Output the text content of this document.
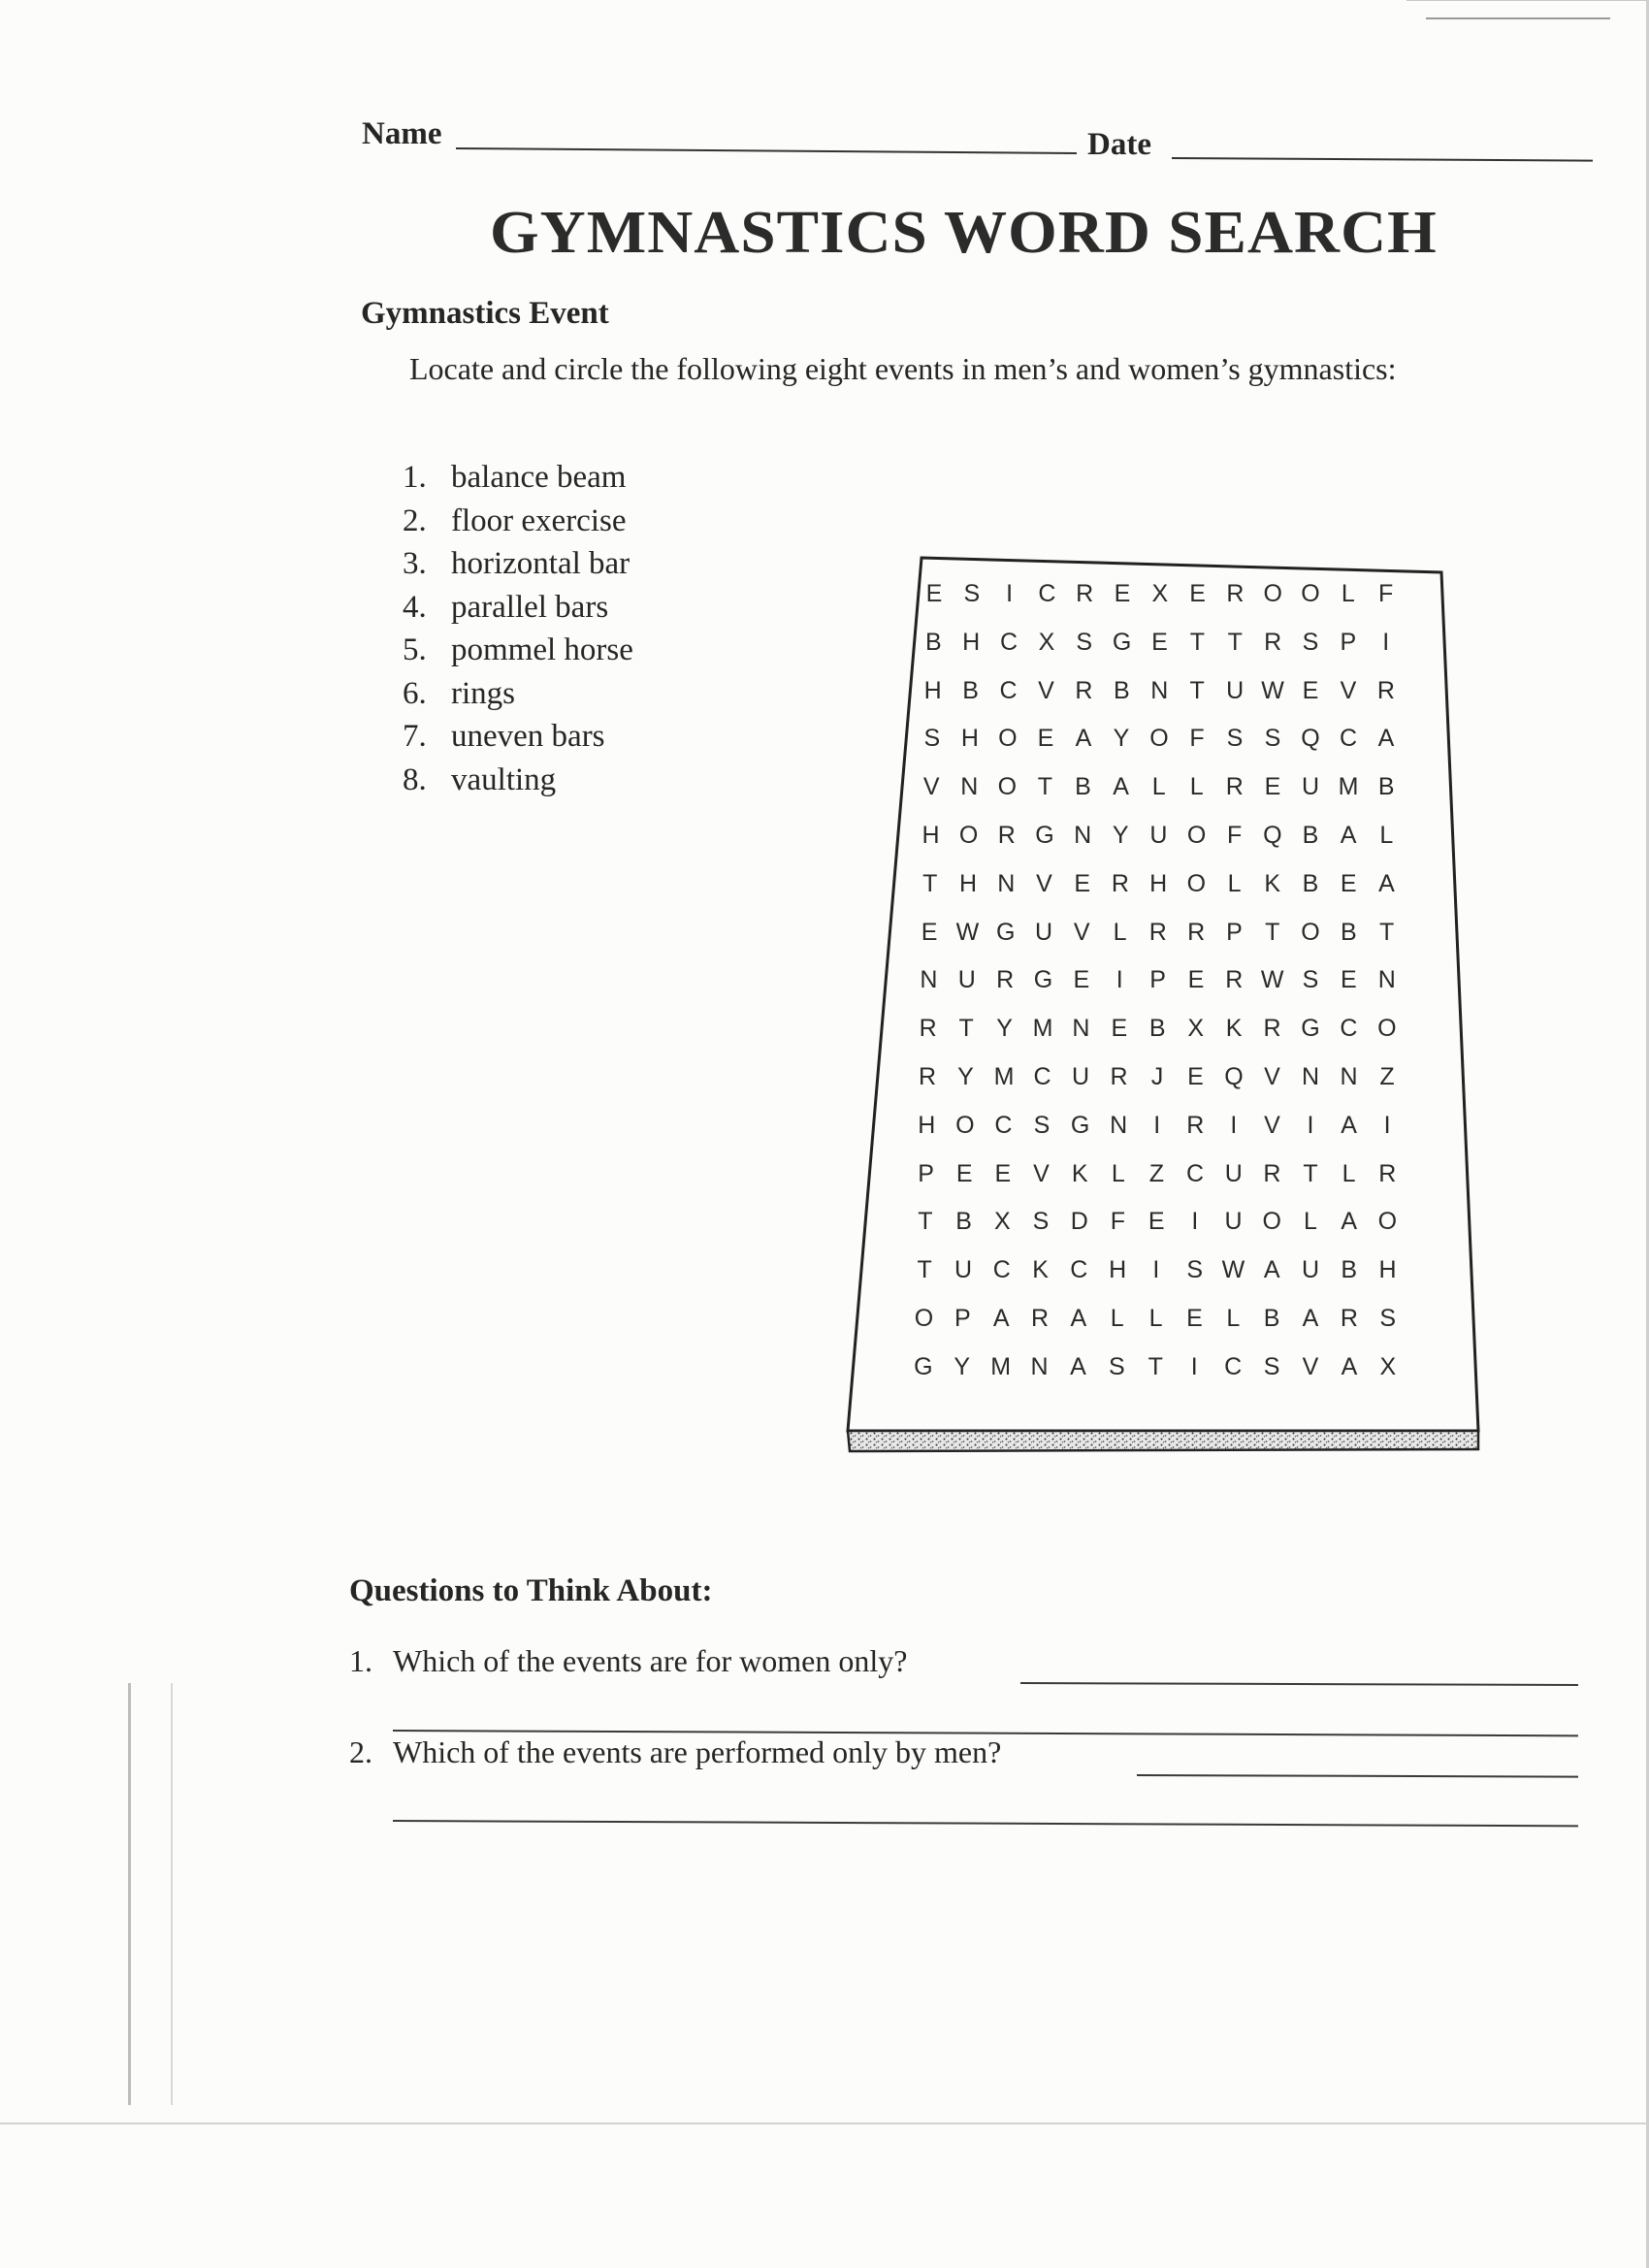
Name	Date
GYMNASTICS WORD SEARCH
Gymnastics Event
Locate and circle the following eight events in men’s and women’s gymnastics:
1. balance beam
2. floor exercise
3. horizontal bar
4. parallel bars
5. pommel horse
6. rings
7. uneven bars
8. vaulting
E S	I	C R E X E R O O L F
B H C X S G E T T R S P	I
H B C V R B N T U W E V R
S H O E A Y O F S S Q C A
V N O T B A L	L R E U M B
H O R G N Y U O F Q B A L
T H N V E R H O L K B E A
E W G U V L R R P T O B T
N U R G E	I	P E R W S E N
R T Y M N E B X K R G C O
R Y M C U R J E Q V N N Z
H O C S G N	I	R	I	V	I	A	I
P E E V K L	Z C U R T	L R
T B X S D F E	I	U O L A O
T U C K C H	I	S W A U B H
O P A R A L	L E L B A R S
G Y M N A S T	I	C S V A X
Questions to Think About:
1. Which of the events are for women only?
2. Which of the events are performed only by men?
